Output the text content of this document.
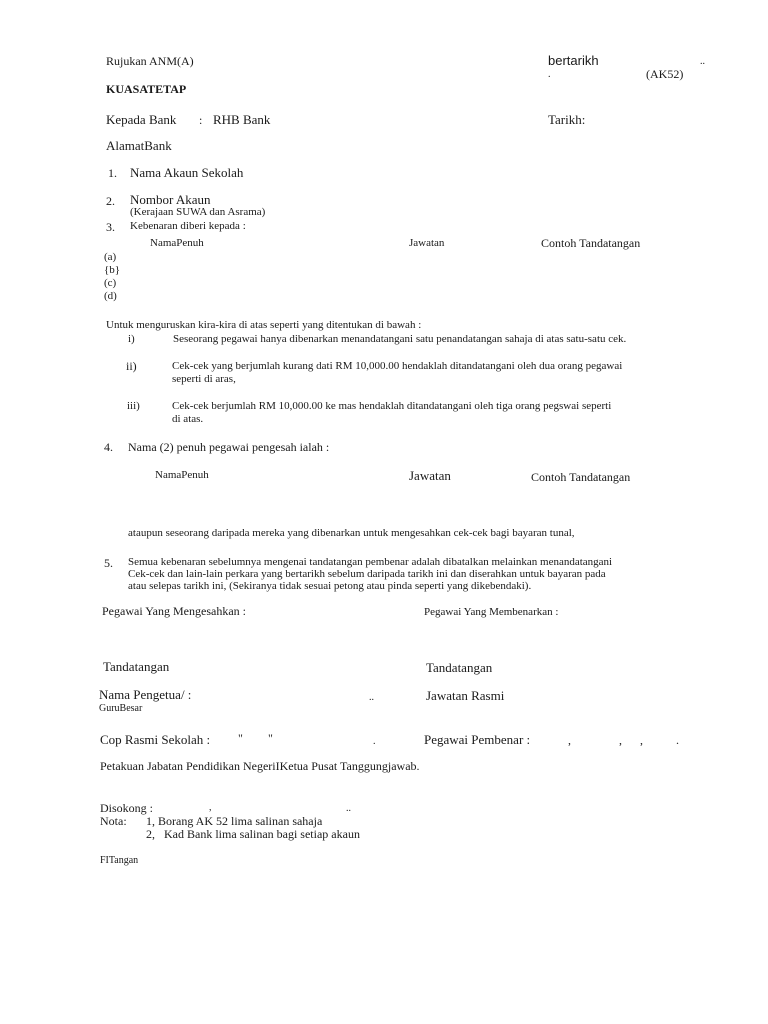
Rujukan ANM(A)	bertarikh	..
.	(AK52)
KUASATETAP
Kepada Bank : RHB Bank	Tarikh:
AlamatBank
1. Nama Akaun Sekolah
2. Nombor Akaun
(Kerajaan SUWA dan Asrama)
3. Kebenaran diberi kepada :
NamaPenuh	Jawatan	Contoh Tandatangan
(a)
{b}
(c)
(d)
Untuk menguruskan kira-kira di atas seperti yang ditentukan di bawah :
i)	Seseorang pegawai hanya dibenarkan menandatangani satu penandatangan sahaja di atas satu-satu cek.
ii)	Cek-cek yang berjumlah kurang dati RM 10,000.00 hendaklah ditandatangani oleh dua orang pegawai
seperti di aras,
iii)	Cek-cek berjumlah RM 10,000.00 ke mas hendaklah ditandatangani oleh tiga orang pegswai seperti
di atas.
4. Nama (2) penuh pegawai pengesah ialah :
NamaPenuh	Jawatan	Contoh Tandatangan
ataupun seseorang daripada mereka yang dibenarkan untuk mengesahkan cek-cek bagi bayaran tunal,
5. Semua kebenaran sebelumnya mengenai tandatangan pembenar adalah dibatalkan melainkan menandatangani
Cek-cek dan lain-lain perkara yang bertarikh sebelum daripada tarikh ini dan diserahkan untuk bayaran pada
atau selepas tarikh ini, (Sekiranya tidak sesuai petong atau pinda seperti yang dikebendaki).
Pegawai Yang Mengesahkan :	Pegawai Yang Membenarkan :
Tandatangan	Tandatangan
Nama Pengetua/ :	..	Jawatan Rasmi
GuruBesar
Cop Rasmi Sekolah : " "	.	Pegawai Pembenar :	,                ,      ,           .
Petakuan Jabatan Pendidikan NegeriIKetua Pusat Tanggungjawab.
Disokong :	,	..
Nota: 1, Borang AK 52 lima salinan sahaja
2,   Kad Bank lima salinan bagi setiap akaun
FITangan
